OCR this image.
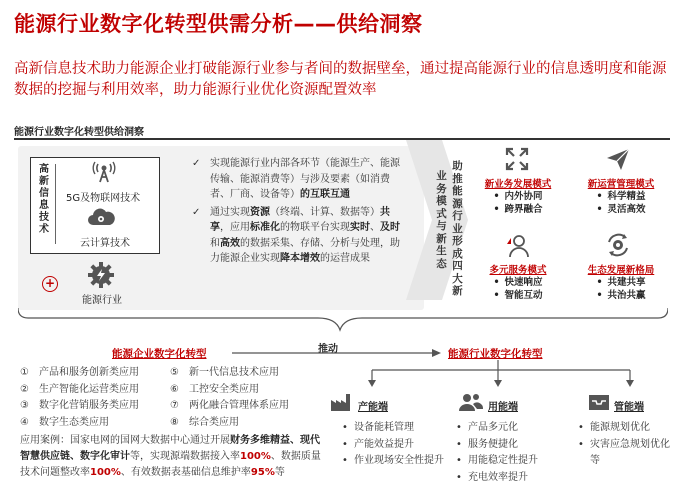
能源行业数字化转型供需分析——供给洞察
高新信息技术助力能源企业打破能源行业参与者间的数据壁垒，通过提高能源行业的信息透明度和能源数据的挖掘与利用效率，助力能源行业优化资源配置效率
能源行业数字化转型供给洞察
高新信息技术
5G及物联网技术
云计算技术
+
能源行业
✓ 实现能源行业内部各环节（能源生产、能源传输、能源消费等）与涉及要素（如消费者、厂商、设备等）的互联互通
✓ 通过实现资源（终端、计算、数据等）共享，应用标准化的物联平台实现实时、及时和高效的数据采集、存储、分析与处理，助力能源企业实现降本增效的运营成果
业务模式与新生态
助推能源行业形成四大新
新业务发展模式
• 内外协同
• 跨界融合
新运营管理模式
• 科学精益
• 灵活高效
多元服务模式
• 快速响应
• 智能互动
生态发展新格局
• 共建共享
• 共治共赢
能源企业数字化转型	推动	能源行业数字化转型
①　产品和服务创新类应用
②　生产智能化运营类应用
③　数字化营销服务类应用
④　数字生态类应用
⑤　新一代信息技术应用
⑥　工控安全类应用
⑦　两化融合管理体系应用
⑧　综合类应用
应用案例：国家电网的国网大数据中心通过开展财务多维精益、现代智慧供应链、数字化审计等，实现源端数据接入率100%、数据质量技术问题整改率100%、有效数据表基础信息维护率95%等
产能端
• 设备能耗管理
• 产能效益提升
• 作业现场安全性提升
用能端
• 产品多元化
• 服务便捷化
• 用能稳定性提升
• 充电效率提升
管能端
• 能源规划优化
• 灾害应急规划优化等
